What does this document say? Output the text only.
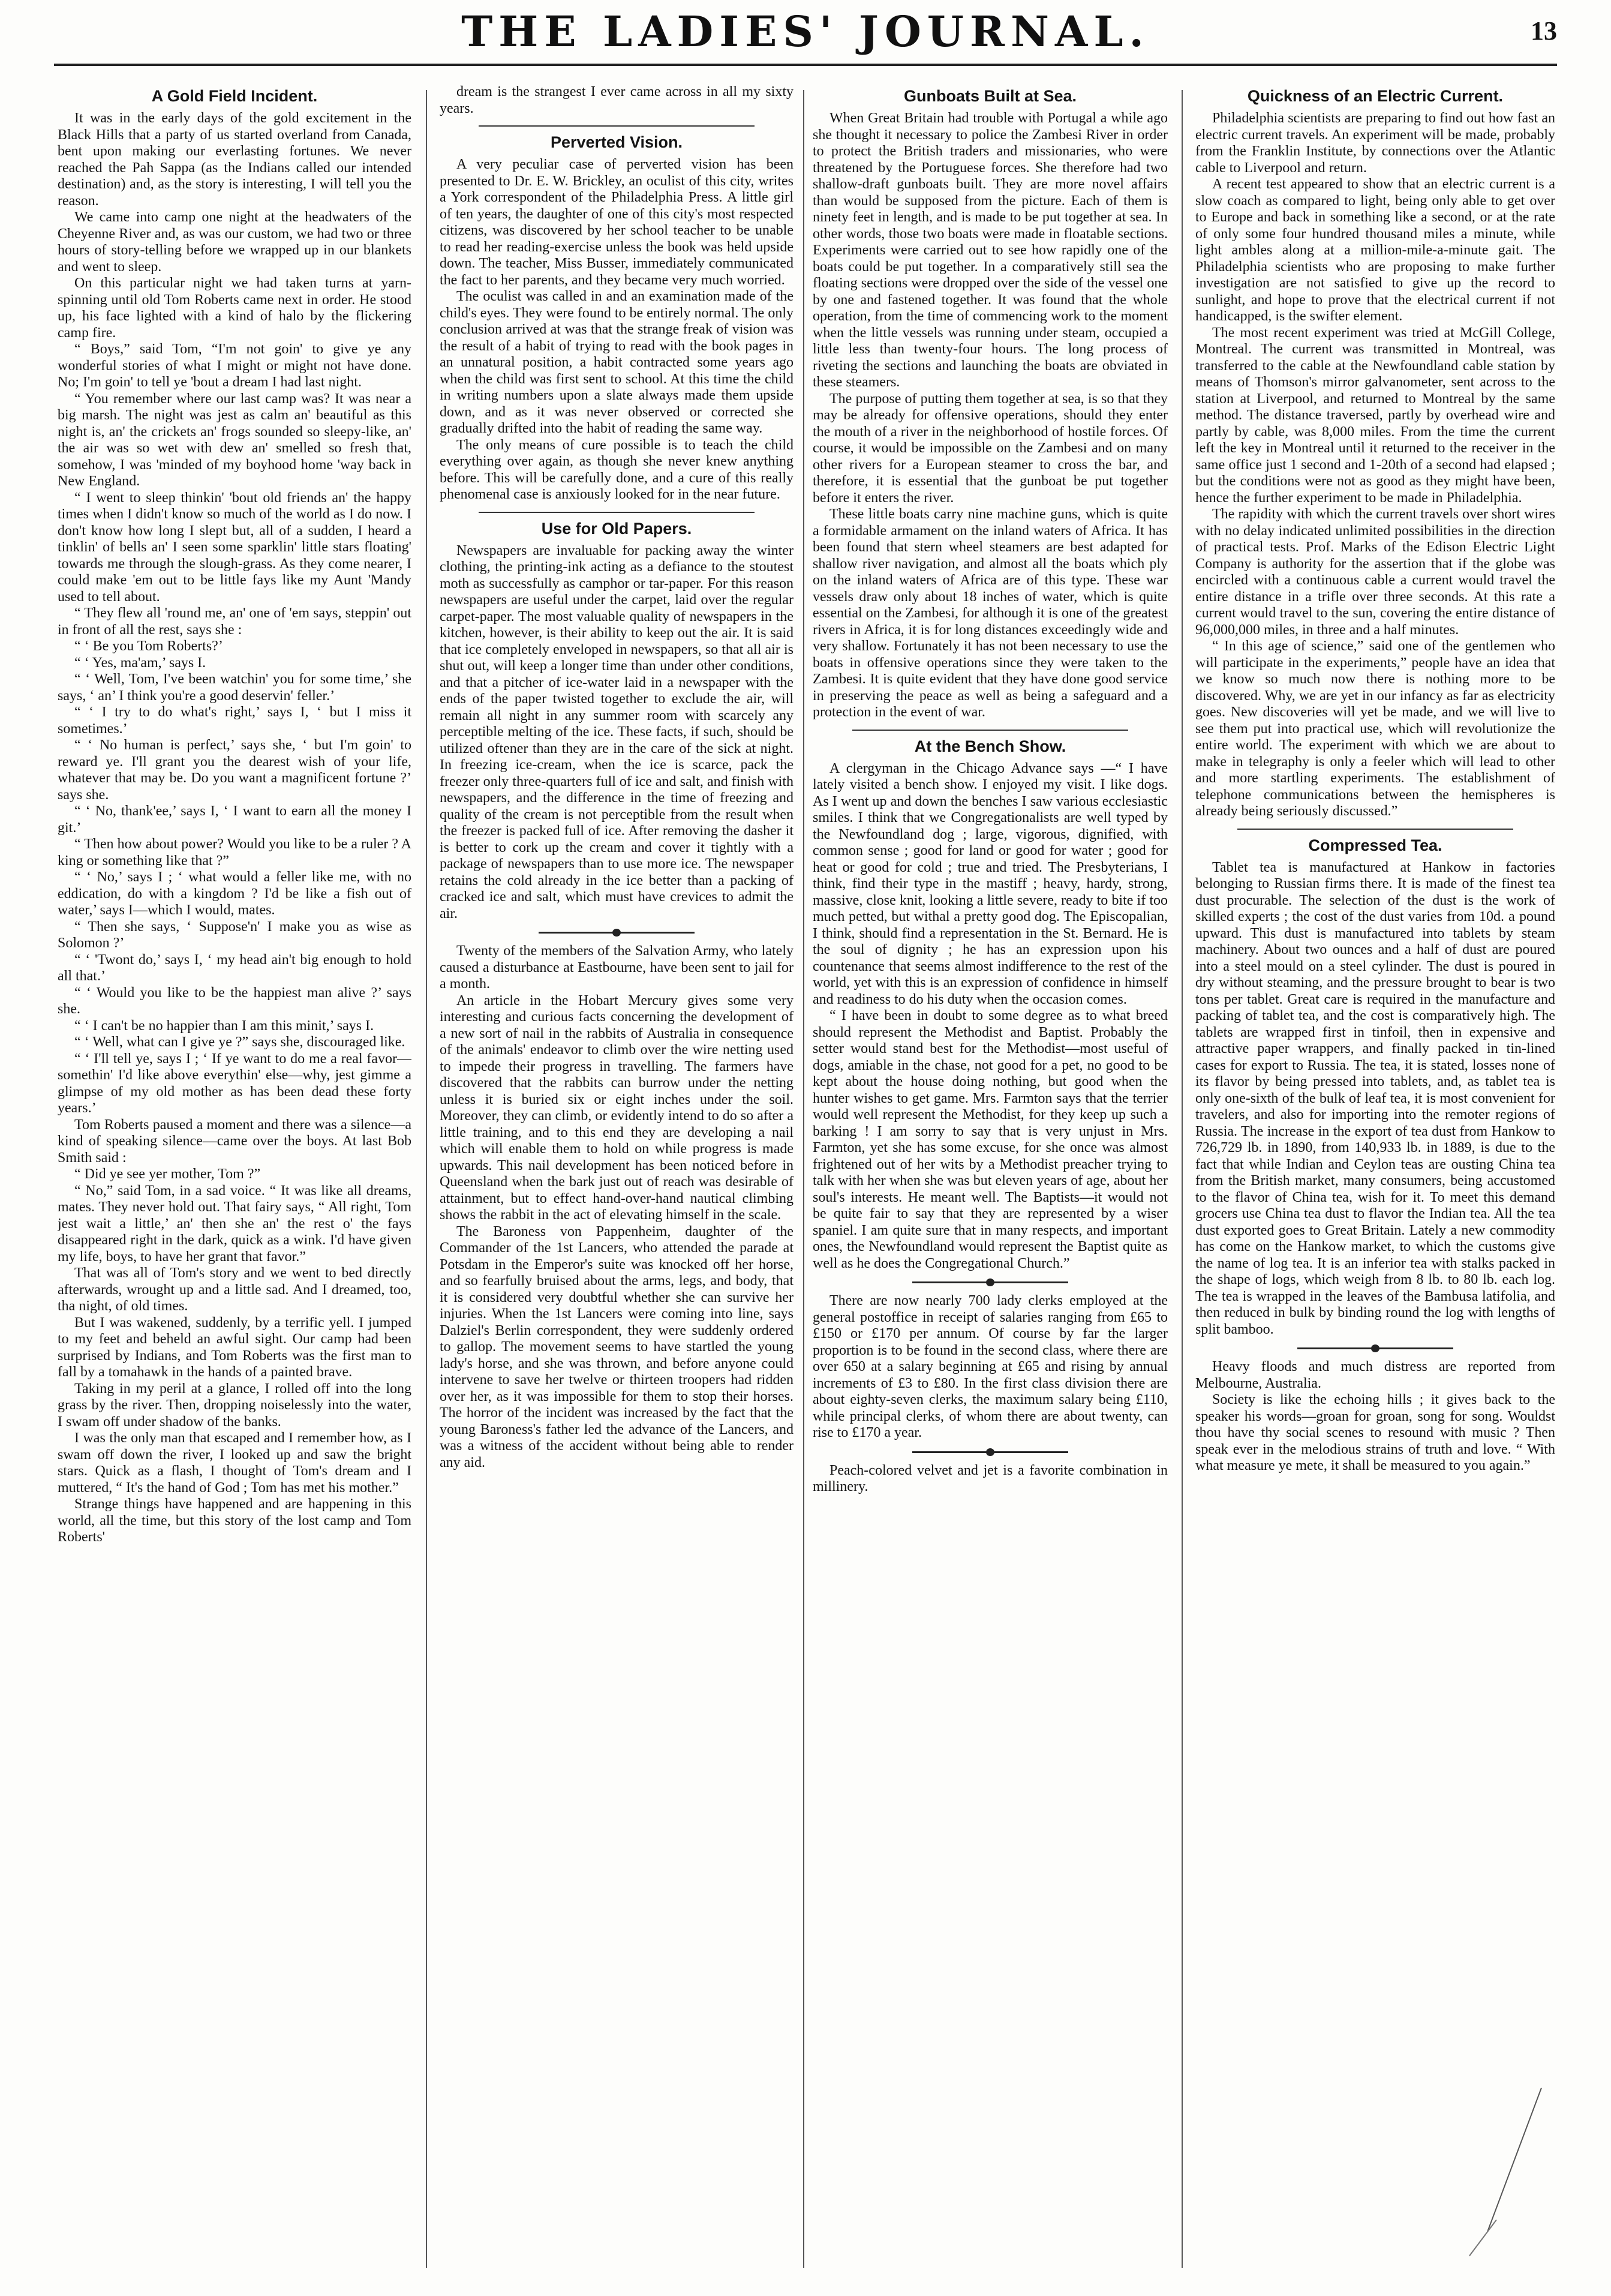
THE LADIES' JOURNAL.	13
A Gold Field Incident.

It was in the early days of the gold excitement in the Black Hills that a party of us started overland from Canada, bent upon making our everlasting fortunes. We never reached the Pah Sappa (as the Indians called our intended destination) and, as the story is interesting, I will tell you the reason.

We came into camp one night at the headwaters of the Cheyenne River and, as was our custom, we had two or three hours of story-telling before we wrapped up in our blankets and went to sleep.

On this particular night we had taken turns at yarn-spinning until old Tom Roberts came next in order. He stood up, his face lighted with a kind of halo by the flickering camp fire.

“ Boys,” said Tom, “I'm not goin' to give ye any wonderful stories of what I might or might not have done. No; I'm goin' to tell ye 'bout a dream I had last night.

“ You remember where our last camp was? It was near a big marsh. The night was jest as calm an' beautiful as this night is, an' the crickets an' frogs sounded so sleepy-like, an' the air was so wet with dew an' smelled so fresh that, somehow, I was 'minded of my boyhood home 'way back in New England.

“ I went to sleep thinkin' 'bout old friends an' the happy times when I didn't know so much of the world as I do now. I don't know how long I slept but, all of a sudden, I heard a tinklin' of bells an' I seen some sparklin' little stars floating' towards me through the slough-grass. As they come nearer, I could make 'em out to be little fays like my Aunt 'Mandy used to tell about.

“ They flew all 'round me, an' one of 'em says, steppin' out in front of all the rest, says she :

“ ‘ Be you Tom Roberts?’

“ ‘ Yes, ma'am,’ says I.

“ ‘ Well, Tom, I've been watchin' you for some time,’ she says, ‘ an’ I think you're a good deservin' feller.’

“ ‘ I try to do what's right,’ says I, ‘ but I miss it sometimes.’

“ ‘ No human is perfect,’ says she, ‘ but I'm goin' to reward ye. I'll grant you the dearest wish of your life, whatever that may be. Do you want a magnificent fortune ?’ says she.

“ ‘ No, thank'ee,’ says I, ‘ I want to earn all the money I git.’

“ Then how about power? Would you like to be a ruler ? A king or something like that ?”

“ ‘ No,’ says I ; ‘ what would a feller like me, with no eddication, do with a kingdom ? I'd be like a fish out of water,’ says I—which I would, mates.

“ Then she says, ‘ Suppose'n' I make you as wise as Solomon ?’

“ ‘ 'Twont do,’ says I, ‘ my head ain't big enough to hold all that.’

“ ‘ Would you like to be the happiest man alive ?’ says she.

“ ‘ I can't be no happier than I am this minit,’ says I.

“ ‘ Well, what can I give ye ?” says she, discouraged like.

“ ‘ I'll tell ye, says I ; ‘ If ye want to do me a real favor—somethin' I'd like above everythin' else—why, jest gimme a glimpse of my old mother as has been dead these forty years.’

Tom Roberts paused a moment and there was a silence—a kind of speaking silence—came over the boys. At last Bob Smith said :

“ Did ye see yer mother, Tom ?”

“ No,” said Tom, in a sad voice. “ It was like all dreams, mates. They never hold out. That fairy says, “ All right, Tom jest wait a little,’ an' then she an' the rest o' the fays disappeared right in the dark, quick as a wink. I'd have given my life, boys, to have her grant that favor.”

That was all of Tom's story and we went to bed directly afterwards, wrought up and a little sad. And I dreamed, too, tha night, of old times.

But I was wakened, suddenly, by a terrific yell. I jumped to my feet and beheld an awful sight. Our camp had been surprised by Indians, and Tom Roberts was the first man to fall by a tomahawk in the hands of a painted brave.

Taking in my peril at a glance, I rolled off into the long grass by the river. Then, dropping noiselessly into the water, I swam off under shadow of the banks.

I was the only man that escaped and I remember how, as I swam off down the river, I looked up and saw the bright stars. Quick as a flash, I thought of Tom's dream and I muttered, “ It's the hand of God ; Tom has met his mother.”

Strange things have happened and are happening in this world, all the time, but this story of the lost camp and Tom Roberts'

dream is the strangest I ever came across in all my sixty years.

Perverted Vision.

A very peculiar case of perverted vision has been presented to Dr. E. W. Brickley, an oculist of this city, writes a York correspondent of the Philadelphia Press. A little girl of ten years, the daughter of one of this city's most respected citizens, was discovered by her school teacher to be unable to read her reading-exercise unless the book was held upside down. The teacher, Miss Busser, immediately communicated the fact to her parents, and they became very much worried.

The oculist was called in and an examination made of the child's eyes. They were found to be entirely normal. The only conclusion arrived at was that the strange freak of vision was the result of a habit of trying to read with the book pages in an unnatural position, a habit contracted some years ago when the child was first sent to school. At this time the child in writing numbers upon a slate always made them upside down, and as it was never observed or corrected she gradually drifted into the habit of reading the same way.

The only means of cure possible is to teach the child everything over again, as though she never knew anything before. This will be carefully done, and a cure of this really phenomenal case is anxiously looked for in the near future.

Use for Old Papers.

Newspapers are invaluable for packing away the winter clothing, the printing-ink acting as a defiance to the stoutest moth as successfully as camphor or tar-paper. For this reason newspapers are useful under the carpet, laid over the regular carpet-paper. The most valuable quality of newspapers in the kitchen, however, is their ability to keep out the air. It is said that ice completely enveloped in newspapers, so that all air is shut out, will keep a longer time than under other conditions, and that a pitcher of ice-water laid in a newspaper with the ends of the paper twisted together to exclude the air, will remain all night in any summer room with scarcely any perceptible melting of the ice. These facts, if such, should be utilized oftener than they are in the care of the sick at night. In freezing ice-cream, when the ice is scarce, pack the freezer only three-quarters full of ice and salt, and finish with newspapers, and the difference in the time of freezing and quality of the cream is not perceptible from the result when the freezer is packed full of ice. After removing the dasher it is better to cork up the cream and cover it tightly with a package of newspapers than to use more ice. The newspaper retains the cold already in the ice better than a packing of cracked ice and salt, which must have crevices to admit the air.

Twenty of the members of the Salvation Army, who lately caused a disturbance at Eastbourne, have been sent to jail for a month.

An article in the Hobart Mercury gives some very interesting and curious facts concerning the development of a new sort of nail in the rabbits of Australia in consequence of the animals' endeavor to climb over the wire netting used to impede their progress in travelling. The farmers have discovered that the rabbits can burrow under the netting unless it is buried six or eight inches under the soil. Moreover, they can climb, or evidently intend to do so after a little training, and to this end they are developing a nail which will enable them to hold on while progress is made upwards. This nail development has been noticed before in Queensland when the bark just out of reach was desirable of attainment, but to effect hand-over-hand nautical climbing shows the rabbit in the act of elevating himself in the scale.

The Baroness von Pappenheim, daughter of the Commander of the 1st Lancers, who attended the parade at Potsdam in the Emperor's suite was knocked off her horse, and so fearfully bruised about the arms, legs, and body, that it is considered very doubtful whether she can survive her injuries. When the 1st Lancers were coming into line, says Dalziel's Berlin correspondent, they were suddenly ordered to gallop. The movement seems to have startled the young lady's horse, and she was thrown, and before anyone could intervene to save her twelve or thirteen troopers had ridden over her, as it was impossible for them to stop their horses. The horror of the incident was increased by the fact that the young Baroness's father led the advance of the Lancers, and was a witness of the accident without being able to render any aid.

Gunboats Built at Sea.

When Great Britain had trouble with Portugal a while ago she thought it necessary to police the Zambesi River in order to protect the British traders and missionaries, who were threatened by the Portuguese forces. She therefore had two shallow-draft gunboats built. They are more novel affairs than would be supposed from the picture. Each of them is ninety feet in length, and is made to be put together at sea. In other words, those two boats were made in floatable sections. Experiments were carried out to see how rapidly one of the boats could be put together. In a comparatively still sea the floating sections were dropped over the side of the vessel one by one and fastened together. It was found that the whole operation, from the time of commencing work to the moment when the little vessels was running under steam, occupied a little less than twenty-four hours. The long process of riveting the sections and launching the boats are obviated in these steamers.

The purpose of putting them together at sea, is so that they may be already for offensive operations, should they enter the mouth of a river in the neighborhood of hostile forces. Of course, it would be impossible on the Zambesi and on many other rivers for a European steamer to cross the bar, and therefore, it is essential that the gunboat be put together before it enters the river.

These little boats carry nine machine guns, which is quite a formidable armament on the inland waters of Africa. It has been found that stern wheel steamers are best adapted for shallow river navigation, and almost all the boats which ply on the inland waters of Africa are of this type. These war vessels draw only about 18 inches of water, which is quite essential on the Zambesi, for although it is one of the greatest rivers in Africa, it is for long distances exceedingly wide and very shallow. Fortunately it has not been necessary to use the boats in offensive operations since they were taken to the Zambesi. It is quite evident that they have done good service in preserving the peace as well as being a safeguard and a protection in the event of war.

At the Bench Show.

A clergyman in the Chicago Advance says —“ I have lately visited a bench show. I enjoyed my visit. I like dogs. As I went up and down the benches I saw various ecclesiastic smiles. I think that we Congregationalists are well typed by the Newfoundland dog ; large, vigorous, dignified, with common sense ; good for land or good for water ; good for heat or good for cold ; true and tried. The Presbyterians, I think, find their type in the mastiff ; heavy, hardy, strong, massive, close knit, looking a little severe, ready to bite if too much petted, but withal a pretty good dog. The Episcopalian, I think, should find a representation in the St. Bernard. He is the soul of dignity ; he has an expression upon his countenance that seems almost indifference to the rest of the world, yet with this is an expression of confidence in himself and readiness to do his duty when the occasion comes.

“ I have been in doubt to some degree as to what breed should represent the Methodist and Baptist. Probably the setter would stand best for the Methodist—most useful of dogs, amiable in the chase, not good for a pet, no good to be kept about the house doing nothing, but good when the hunter wishes to get game. Mrs. Farmton says that the terrier would well represent the Methodist, for they keep up such a barking ! I am sorry to say that is very unjust in Mrs. Farmton, yet she has some excuse, for she once was almost frightened out of her wits by a Methodist preacher trying to talk with her when she was but eleven years of age, about her soul's interests. He meant well. The Baptists—it would not be quite fair to say that they are represented by a wiser spaniel. I am quite sure that in many respects, and important ones, the Newfoundland would represent the Baptist quite as well as he does the Congregational Church.”

There are now nearly 700 lady clerks employed at the general postoffice in receipt of salaries ranging from £65 to £150 or £170 per annum. Of course by far the larger proportion is to be found in the second class, where there are over 650 at a salary beginning at £65 and rising by annual increments of £3 to £80. In the first class division there are about eighty-seven clerks, the maximum salary being £110, while principal clerks, of whom there are about twenty, can rise to £170 a year.

Peach-colored velvet and jet is a favorite combination in millinery.

Quickness of an Electric Current.

Philadelphia scientists are preparing to find out how fast an electric current travels. An experiment will be made, probably from the Franklin Institute, by connections over the Atlantic cable to Liverpool and return.

A recent test appeared to show that an electric current is a slow coach as compared to light, being only able to get over to Europe and back in something like a second, or at the rate of only some four hundred thousand miles a minute, while light ambles along at a million-mile-a-minute gait. The Philadelphia scientists who are proposing to make further investigation are not satisfied to give up the record to sunlight, and hope to prove that the electrical current if not handicapped, is the swifter element.

The most recent experiment was tried at McGill College, Montreal. The current was transmitted in Montreal, was transferred to the cable at the Newfoundland cable station by means of Thomson's mirror galvanometer, sent across to the station at Liverpool, and returned to Montreal by the same method. The distance traversed, partly by overhead wire and partly by cable, was 8,000 miles. From the time the current left the key in Montreal until it returned to the receiver in the same office just 1 second and 1-20th of a second had elapsed ; but the conditions were not as good as they might have been, hence the further experiment to be made in Philadelphia.

The rapidity with which the current travels over short wires with no delay indicated unlimited possibilities in the direction of practical tests. Prof. Marks of the Edison Electric Light Company is authority for the assertion that if the globe was encircled with a continuous cable a current would travel the entire distance in a trifle over three seconds. At this rate a current would travel to the sun, covering the entire distance of 96,000,000 miles, in three and a half minutes.

“ In this age of science,” said one of the gentlemen who will participate in the experiments,” people have an idea that we know so much now there is nothing more to be discovered. Why, we are yet in our infancy as far as electricity goes. New discoveries will yet be made, and we will live to see them put into practical use, which will revolutionize the entire world. The experiment with which we are about to make in telegraphy is only a feeler which will lead to other and more startling experiments. The establishment of telephone communications between the hemispheres is already being seriously discussed.”

Compressed Tea.

Tablet tea is manufactured at Hankow in factories belonging to Russian firms there. It is made of the finest tea dust procurable. The selection of the dust is the work of skilled experts ; the cost of the dust varies from 10d. a pound upward. This dust is manufactured into tablets by steam machinery. About two ounces and a half of dust are poured into a steel mould on a steel cylinder. The dust is poured in dry without steaming, and the pressure brought to bear is two tons per tablet. Great care is required in the manufacture and packing of tablet tea, and the cost is comparatively high. The tablets are wrapped first in tinfoil, then in expensive and attractive paper wrappers, and finally packed in tin-lined cases for export to Russia. The tea, it is stated, losses none of its flavor by being pressed into tablets, and, as tablet tea is only one-sixth of the bulk of leaf tea, it is most convenient for travelers, and also for importing into the remoter regions of Russia. The increase in the export of tea dust from Hankow to 726,729 lb. in 1890, from 140,933 lb. in 1889, is due to the fact that while Indian and Ceylon teas are ousting China tea from the British market, many consumers, being accustomed to the flavor of China tea, wish for it. To meet this demand grocers use China tea dust to flavor the Indian tea. All the tea dust exported goes to Great Britain. Lately a new commodity has come on the Hankow market, to which the customs give the name of log tea. It is an inferior tea with stalks packed in the shape of logs, which weigh from 8 lb. to 80 lb. each log. The tea is wrapped in the leaves of the Bambusa latifolia, and then reduced in bulk by binding round the log with lengths of split bamboo.

Heavy floods and much distress are reported from Melbourne, Australia.

Society is like the echoing hills ; it gives back to the speaker his words—groan for groan, song for song. Wouldst thou have thy social scenes to resound with music ? Then speak ever in the melodious strains of truth and love. “ With what measure ye mete, it shall be measured to you again.”
